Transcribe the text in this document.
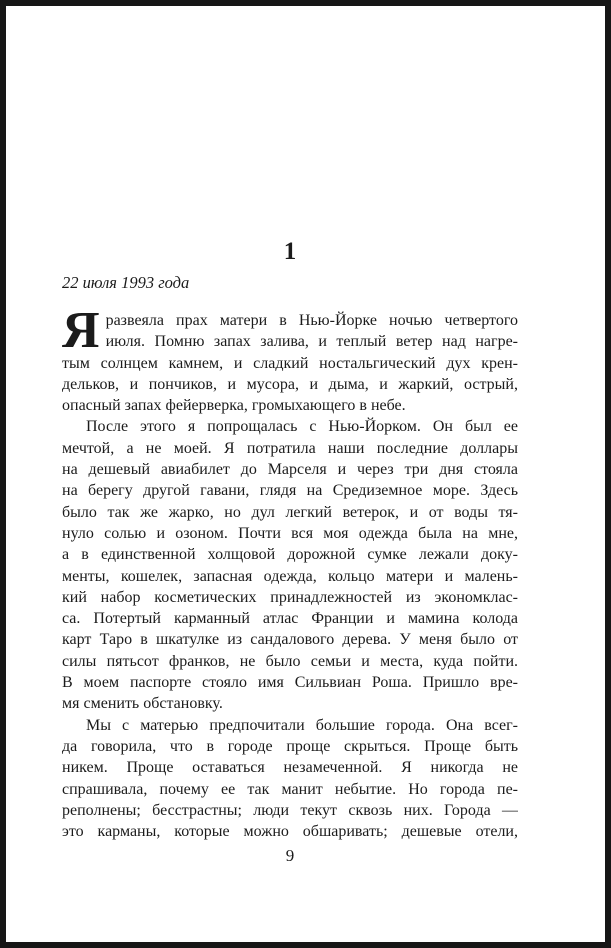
1
22 июля 1993 года
Я развеяла прах матери в Нью-Йорке ночью четвертого
июля. Помню запах залива, и теплый ветер над нагре-
тым солнцем камнем, и сладкий ностальгический дух крен-
дельков, и пончиков, и мусора, и дыма, и жаркий, острый,
опасный запах фейерверка, громыхающего в небе.
После этого я попрощалась с Нью-Йорком. Он был ее
мечтой, а не моей. Я потратила наши последние доллары
на дешевый авиабилет до Марселя и через три дня стояла
на берегу другой гавани, глядя на Средиземное море. Здесь
было так же жарко, но дул легкий ветерок, и от воды тя-
нуло солью и озоном. Почти вся моя одежда была на мне,
а в единственной холщовой дорожной сумке лежали доку-
менты, кошелек, запасная одежда, кольцо матери и малень-
кий набор косметических принадлежностей из экономклас-
са. Потертый карманный атлас Франции и мамина колода
карт Таро в шкатулке из сандалового дерева. У меня было от
силы пятьсот франков, не было семьи и места, куда пойти.
В моем паспорте стояло имя Сильвиан Роша. Пришло вре-
мя сменить обстановку.
Мы с матерью предпочитали большие города. Она всег-
да говорила, что в городе проще скрыться. Проще быть
никем. Проще оставаться незамеченной. Я никогда не
спрашивала, почему ее так манит небытие. Но города пе-
реполнены; бесстрастны; люди текут сквозь них. Города —
это карманы, которые можно обшаривать; дешевые отели,
9
